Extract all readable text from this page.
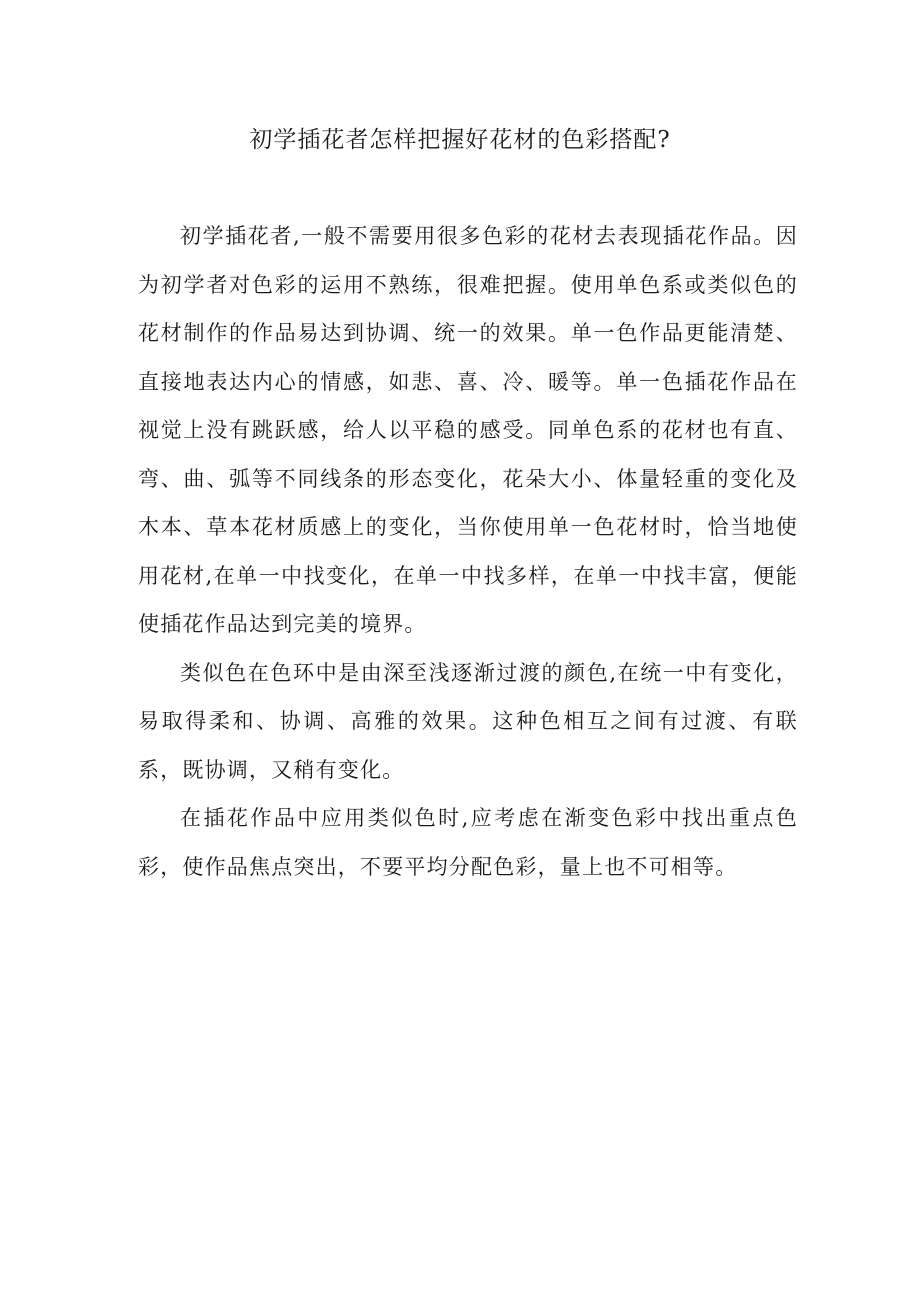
初学插花者怎样把握好花材的色彩搭配?

初学插花者,一般不需要用很多色彩的花材去表现插花作品。因为初学者对色彩的运用不熟练，很难把握。使用单色系或类似色的花材制作的作品易达到协调、统一的效果。单一色作品更能清楚、直接地表达内心的情感，如悲、喜、冷、暖等。单一色插花作品在视觉上没有跳跃感，给人以平稳的感受。同单色系的花材也有直、弯、曲、弧等不同线条的形态变化，花朵大小、体量轻重的变化及木本、草本花材质感上的变化，当你使用单一色花材时，恰当地使用花材,在单一中找变化，在单一中找多样，在单一中找丰富，便能使插花作品达到完美的境界。

类似色在色环中是由深至浅逐渐过渡的颜色,在统一中有变化，易取得柔和、协调、高雅的效果。这种色相互之间有过渡、有联系，既协调，又稍有变化。

在插花作品中应用类似色时,应考虑在渐变色彩中找出重点色彩，使作品焦点突出，不要平均分配色彩，量上也不可相等。
